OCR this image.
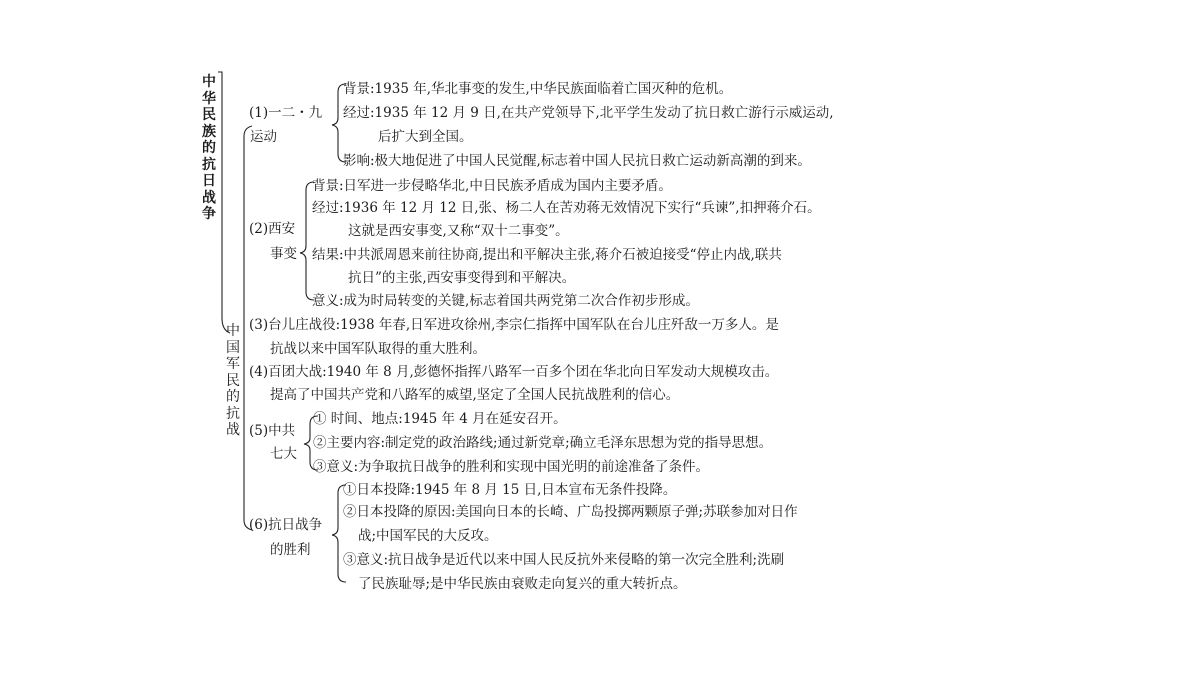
中华民族的抗日战争
中国军民的抗战
(1)一二・九
运动
背景:1935 年,华北事变的发生,中华民族面临着亡国灭种的危机。
经过:1935 年 12 月 9 日,在共产党领导下,北平学生发动了抗日救亡游行示威运动,
后扩大到全国。
影响:极大地促进了中国人民觉醒,标志着中国人民抗日救亡运动新高潮的到来。
(2)西安
事变
背景:日军进一步侵略华北,中日民族矛盾成为国内主要矛盾。
经过:1936 年 12 月 12 日,张、杨二人在苦劝蒋无效情况下实行“兵谏”,扣押蒋介石。
这就是西安事变,又称“双十二事变”。
结果:中共派周恩来前往协商,提出和平解决主张,蒋介石被迫接受“停止内战,联共
抗日”的主张,西安事变得到和平解决。
意义:成为时局转变的关键,标志着国共两党第二次合作初步形成。
(3)台儿庄战役:1938 年春,日军进攻徐州,李宗仁指挥中国军队在台儿庄歼敌一万多人。是
抗战以来中国军队取得的重大胜利。
(4)百团大战:1940 年 8 月,彭德怀指挥八路军一百多个团在华北向日军发动大规模攻击。
提高了中国共产党和八路军的威望,坚定了全国人民抗战胜利的信心。
(5)中共
七大
① 时间、地点:1945 年 4 月在延安召开。
②主要内容:制定党的政治路线;通过新党章;确立毛泽东思想为党的指导思想。
③意义:为争取抗日战争的胜利和实现中国光明的前途准备了条件。
(6)抗日战争
的胜利
①日本投降:1945 年 8 月 15 日,日本宣布无条件投降。
②日本投降的原因:美国向日本的长崎、广岛投掷两颗原子弹;苏联参加对日作
战;中国军民的大反攻。
③意义:抗日战争是近代以来中国人民反抗外来侵略的第一次完全胜利;洗刷
了民族耻辱;是中华民族由衰败走向复兴的重大转折点。
